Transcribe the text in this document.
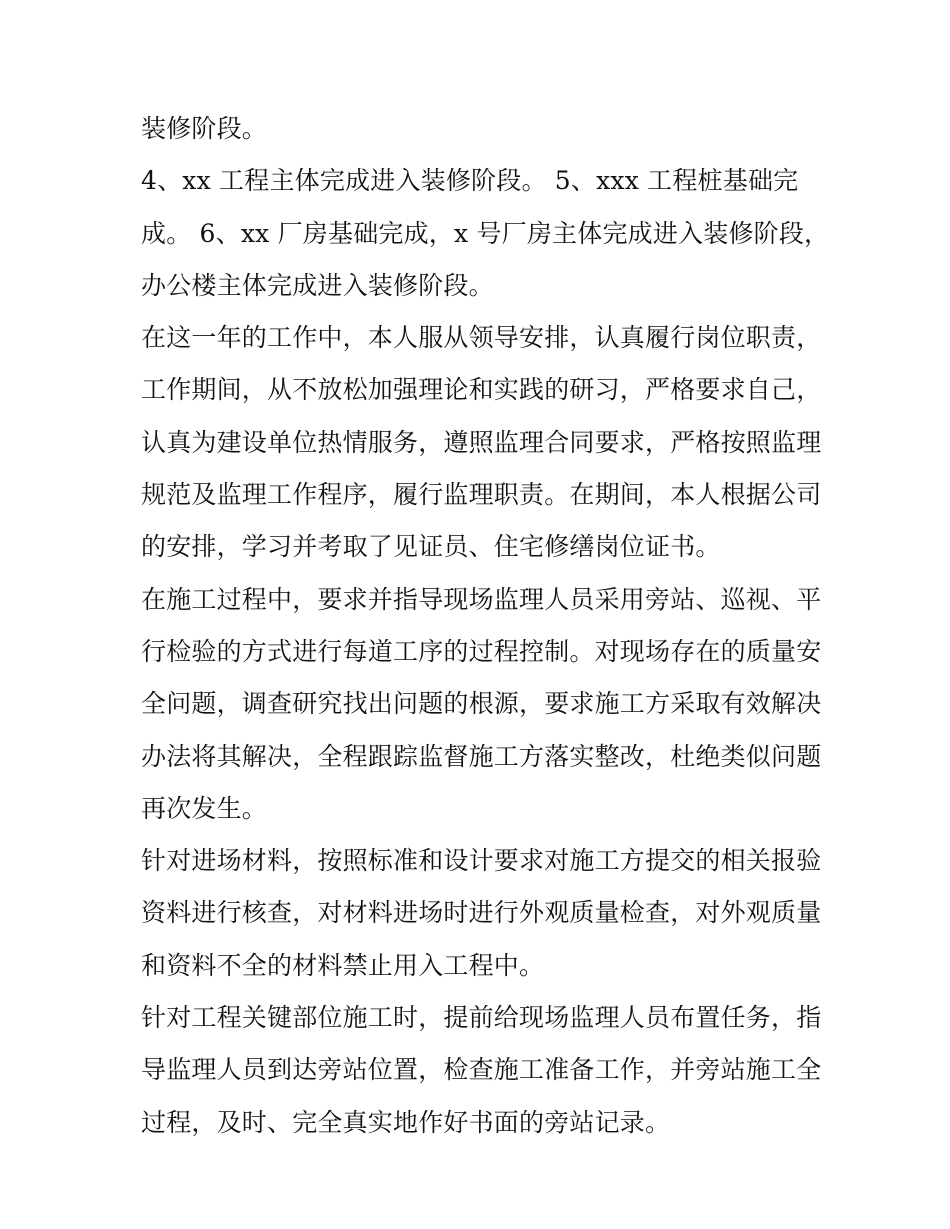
装修阶段。
4、xx 工程主体完成进入装修阶段。 5、xxx 工程桩基础完
成。 6、xx 厂房基础完成，x 号厂房主体完成进入装修阶段，
办公楼主体完成进入装修阶段。
在这一年的工作中，本人服从领导安排，认真履行岗位职责，
工作期间，从不放松加强理论和实践的研习，严格要求自己，
认真为建设单位热情服务，遵照监理合同要求，严格按照监理
规范及监理工作程序，履行监理职责。在期间，本人根据公司
的安排，学习并考取了见证员、住宅修缮岗位证书。
在施工过程中，要求并指导现场监理人员采用旁站、巡视、平
行检验的方式进行每道工序的过程控制。对现场存在的质量安
全问题，调查研究找出问题的根源，要求施工方采取有效解决
办法将其解决，全程跟踪监督施工方落实整改，杜绝类似问题
再次发生。
针对进场材料，按照标准和设计要求对施工方提交的相关报验
资料进行核查，对材料进场时进行外观质量检查，对外观质量
和资料不全的材料禁止用入工程中。
针对工程关键部位施工时，提前给现场监理人员布置任务，指
导监理人员到达旁站位置，检查施工准备工作，并旁站施工全
过程，及时、完全真实地作好书面的旁站记录。
